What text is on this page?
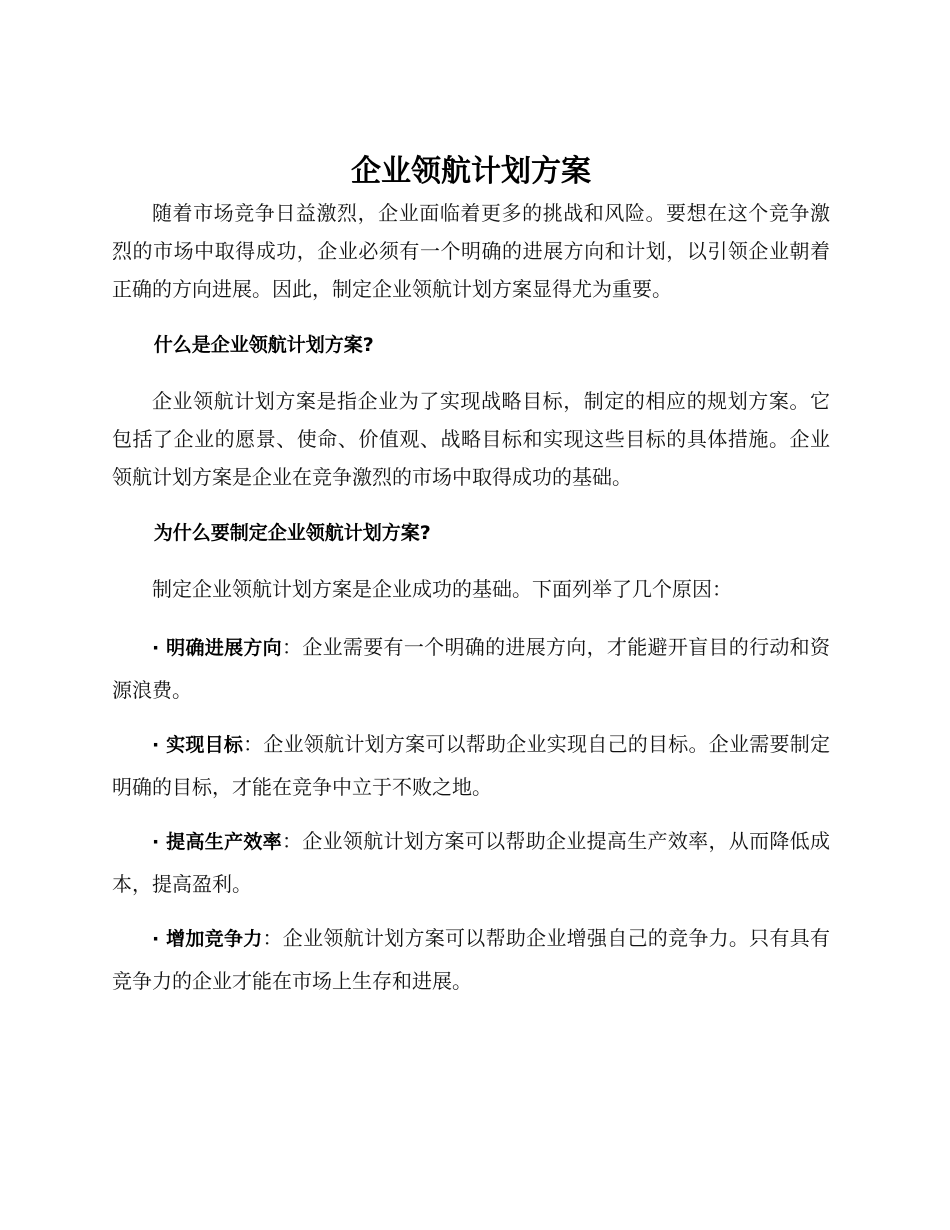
企业领航计划方案

随着市场竞争日益激烈，企业面临着更多的挑战和风险。要想在这个竞争激烈的市场中取得成功，企业必须有一个明确的进展方向和计划，以引领企业朝着正确的方向进展。因此，制定企业领航计划方案显得尤为重要。

什么是企业领航计划方案?

企业领航计划方案是指企业为了实现战略目标，制定的相应的规划方案。它包括了企业的愿景、使命、价值观、战略目标和实现这些目标的具体措施。企业领航计划方案是企业在竞争激烈的市场中取得成功的基础。

为什么要制定企业领航计划方案?

制定企业领航计划方案是企业成功的基础。下面列举了几个原因：

· 明确进展方向：企业需要有一个明确的进展方向，才能避开盲目的行动和资源浪费。

· 实现目标：企业领航计划方案可以帮助企业实现自己的目标。企业需要制定明确的目标，才能在竞争中立于不败之地。

· 提高生产效率：企业领航计划方案可以帮助企业提高生产效率，从而降低成本，提高盈利。

· 增加竞争力：企业领航计划方案可以帮助企业增强自己的竞争力。只有具有竞争力的企业才能在市场上生存和进展。
